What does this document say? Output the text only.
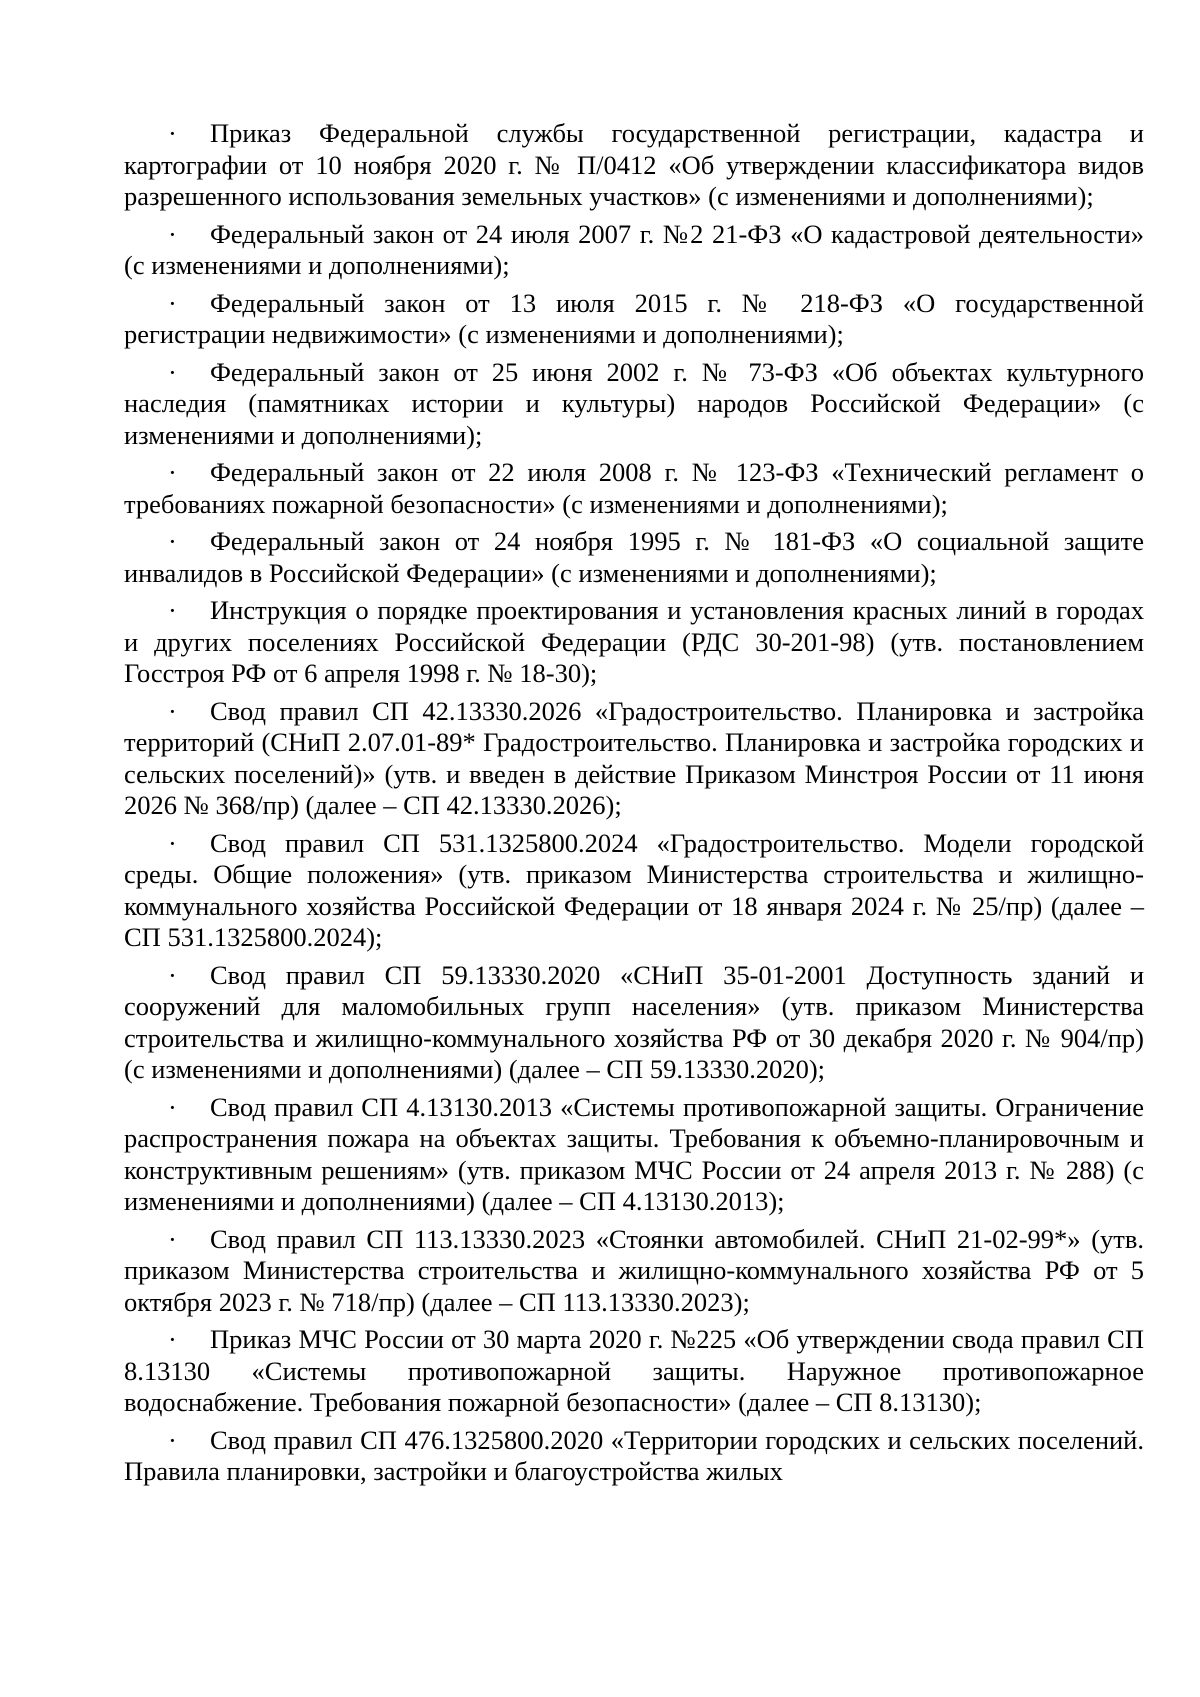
· Приказ Федеральной службы государственной регистрации, кадастра и картографии от 10 ноября 2020 г. № П/0412 «Об утверждении классификатора видов разрешенного использования земельных участков» (с изменениями и дополнениями);

· Федеральный закон от 24 июля 2007 г. №2 21-ФЗ «О кадастровой деятельности» (с изменениями и дополнениями);

· Федеральный закон от 13 июля 2015 г. № 218-ФЗ «О государственной регистрации недвижимости» (с изменениями и дополнениями);

· Федеральный закон от 25 июня 2002 г. № 73-ФЗ «Об объектах культурного наследия (памятниках истории и культуры) народов Российской Федерации» (с изменениями и дополнениями);

· Федеральный закон от 22 июля 2008 г. № 123-ФЗ «Технический регламент о требованиях пожарной безопасности» (с изменениями и дополнениями);

· Федеральный закон от 24 ноября 1995 г. № 181-ФЗ «О социальной защите инвалидов в Российской Федерации» (с изменениями и дополнениями);

· Инструкция о порядке проектирования и установления красных линий в городах и других поселениях Российской Федерации (РДС 30-201-98) (утв. постановлением Госстроя РФ от 6 апреля 1998 г. № 18-30);

· Свод правил СП 42.13330.2026 «Градостроительство. Планировка и застройка территорий (СНиП 2.07.01-89* Градостроительство. Планировка и застройка городских и сельских поселений)» (утв. и введен в действие Приказом Минстроя России от 11 июня 2026 № 368/пр) (далее – СП 42.13330.2026);

· Свод правил СП 531.1325800.2024 «Градостроительство. Модели городской среды. Общие положения» (утв. приказом Министерства строительства и жилищно-коммунального хозяйства Российской Федерации от 18 января 2024 г. № 25/пр) (далее – СП 531.1325800.2024);

· Свод правил СП 59.13330.2020 «СНиП 35-01-2001 Доступность зданий и сооружений для маломобильных групп населения» (утв. приказом Министерства строительства и жилищно-коммунального хозяйства РФ от 30 декабря 2020 г. № 904/пр) (с изменениями и дополнениями) (далее – СП 59.13330.2020);

· Свод правил СП 4.13130.2013 «Системы противопожарной защиты. Ограничение распространения пожара на объектах защиты. Требования к объемно-планировочным и конструктивным решениям» (утв. приказом МЧС России от 24 апреля 2013 г. № 288) (с изменениями и дополнениями) (далее – СП 4.13130.2013);

· Свод правил СП 113.13330.2023 «Стоянки автомобилей. СНиП 21-02-99*» (утв. приказом Министерства строительства и жилищно-коммунального хозяйства РФ от 5 октября 2023 г. № 718/пр) (далее – СП 113.13330.2023);

· Приказ МЧС России от 30 марта 2020 г. №225 «Об утверждении свода правил СП 8.13130 «Системы противопожарной защиты. Наружное противопожарное водоснабжение. Требования пожарной безопасности» (далее – СП 8.13130);

· Свод правил СП 476.1325800.2020 «Территории городских и сельских поселений. Правила планировки, застройки и благоустройства жилых
